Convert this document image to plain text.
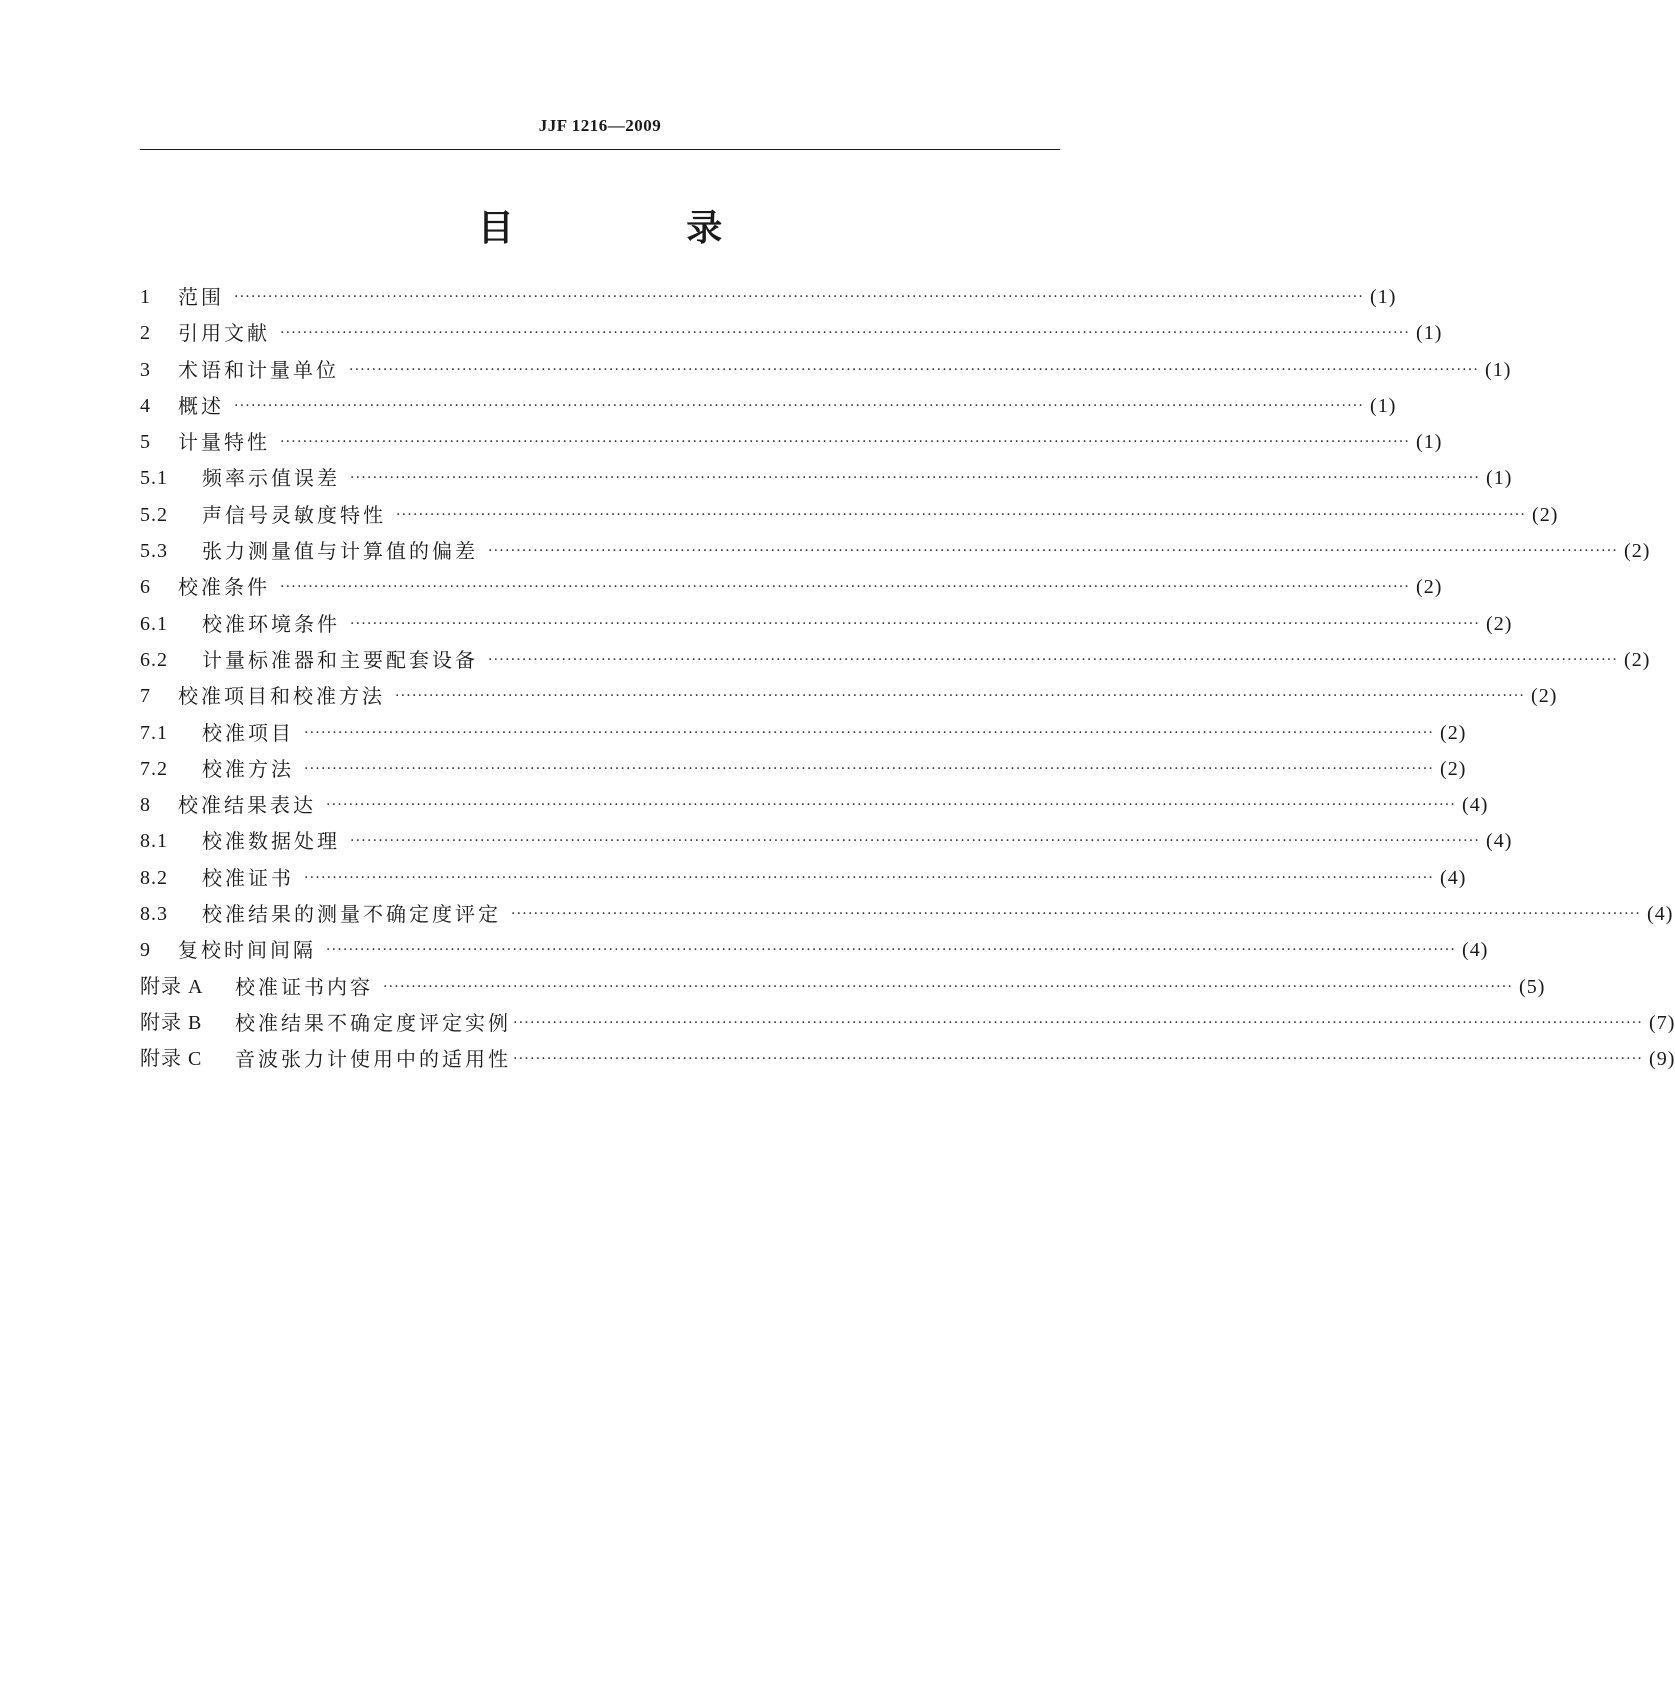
JJF 1216—2009
目 录
1	范围 ········································································································································································································ (1)
2	引用文献 ········································································································································································································ (1)
3	术语和计量单位 ········································································································································································································ (1)
4	概述 ········································································································································································································ (1)
5	计量特性 ········································································································································································································ (1)
5.1	频率示值误差 ········································································································································································································ (1)
5.2	声信号灵敏度特性 ········································································································································································································ (2)
5.3	张力测量值与计算值的偏差 ········································································································································································································ (2)
6	校准条件 ········································································································································································································ (2)
6.1	校准环境条件 ········································································································································································································ (2)
6.2	计量标准器和主要配套设备 ········································································································································································································ (2)
7	校准项目和校准方法 ········································································································································································································ (2)
7.1	校准项目 ········································································································································································································ (2)
7.2	校准方法 ········································································································································································································ (2)
8	校准结果表达 ········································································································································································································ (4)
8.1	校准数据处理 ········································································································································································································ (4)
8.2	校准证书 ········································································································································································································ (4)
8.3	校准结果的测量不确定度评定 ········································································································································································································ (4)
9	复校时间间隔 ········································································································································································································ (4)
附录 A	校准证书内容 ········································································································································································································ (5)
附录 B	校准结果不确定度评定实例 ········································································································································································································ (7)
附录 C	音波张力计使用中的适用性 ········································································································································································································ (9)
